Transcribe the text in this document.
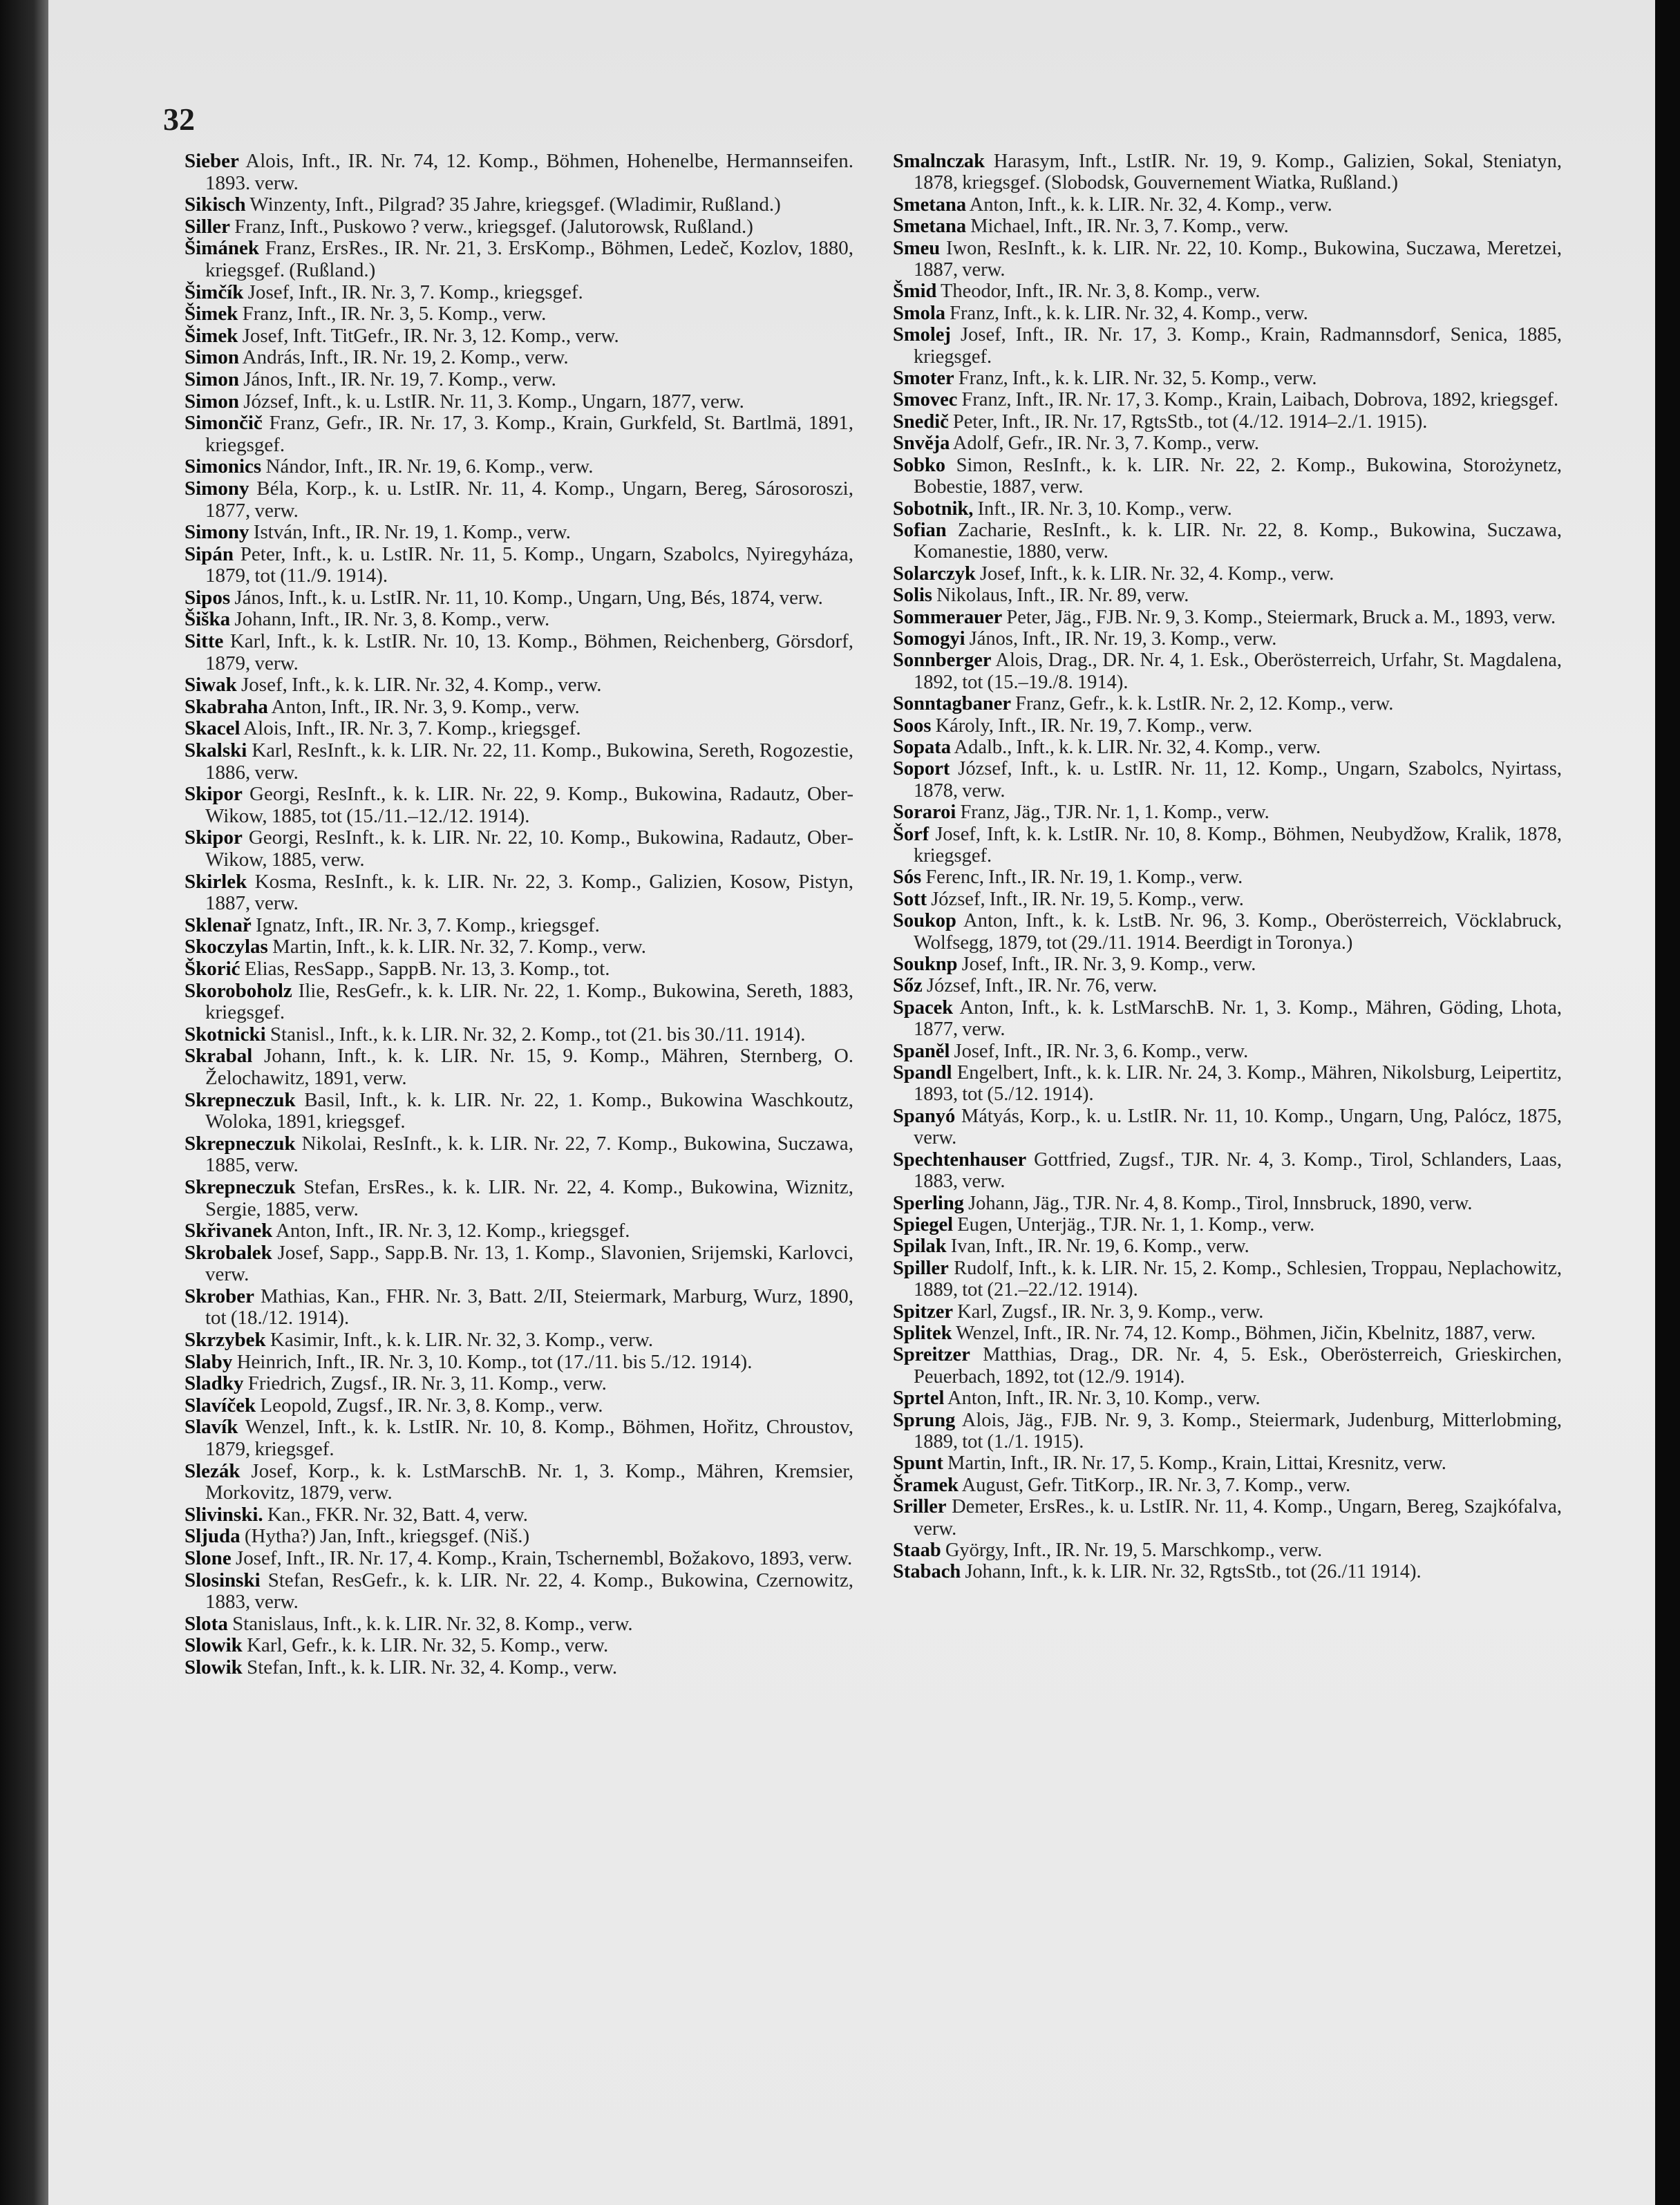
32

Sieber Alois, Inft., IR. Nr. 74, 12. Komp., Böhmen, Hohenelbe, Hermannseifen. 1893. verw.

Sikisch Winzenty, Inft., Pilgrad? 35 Jahre, kriegsgef. (Wladimir, Rußland.)

Siller Franz, Inft., Puskowo ? verw., kriegsgef. (Jalutorowsk, Rußland.)

Šimánek Franz, ErsRes., IR. Nr. 21, 3. ErsKomp., Böhmen, Ledeč, Kozlov, 1880, kriegsgef. (Rußland.)

Šimčík Josef, Inft., IR. Nr. 3, 7. Komp., kriegsgef.

Šimek Franz, Inft., IR. Nr. 3, 5. Komp., verw.

Šimek Josef, Inft. TitGefr., IR. Nr. 3, 12. Komp., verw.

Simon András, Inft., IR. Nr. 19, 2. Komp., verw.

Simon János, Inft., IR. Nr. 19, 7. Komp., verw.

Simon József, Inft., k. u. LstIR. Nr. 11, 3. Komp., Ungarn, 1877, verw.

Simončič Franz, Gefr., IR. Nr. 17, 3. Komp., Krain, Gurkfeld, St. Bartlmä, 1891, kriegsgef.

Simonics Nándor, Inft., IR. Nr. 19, 6. Komp., verw.

Simony Béla, Korp., k. u. LstIR. Nr. 11, 4. Komp., Ungarn, Bereg, Sárosoroszi, 1877, verw.

Simony István, Inft., IR. Nr. 19, 1. Komp., verw.

Sipán Peter, Inft., k. u. LstIR. Nr. 11, 5. Komp., Ungarn, Szabolcs, Nyiregyháza, 1879, tot (11./9. 1914).

Sipos János, Inft., k. u. LstIR. Nr. 11, 10. Komp., Ungarn, Ung, Bés, 1874, verw.

Šiška Johann, Inft., IR. Nr. 3, 8. Komp., verw.

Sitte Karl, Inft., k. k. LstIR. Nr. 10, 13. Komp., Böhmen, Reichenberg, Görsdorf, 1879, verw.

Siwak Josef, Inft., k. k. LIR. Nr. 32, 4. Komp., verw.

Skabraha Anton, Inft., IR. Nr. 3, 9. Komp., verw.

Skacel Alois, Inft., IR. Nr. 3, 7. Komp., kriegsgef.

Skalski Karl, ResInft., k. k. LIR. Nr. 22, 11. Komp., Bukowina, Sereth, Rogozestie, 1886, verw.

Skipor Georgi, ResInft., k. k. LIR. Nr. 22, 9. Komp., Bukowina, Radautz, Ober-Wikow, 1885, tot (15./11.–12./12. 1914).

Skipor Georgi, ResInft., k. k. LIR. Nr. 22, 10. Komp., Bukowina, Radautz, Ober-Wikow, 1885, verw.

Skirlek Kosma, ResInft., k. k. LIR. Nr. 22, 3. Komp., Galizien, Kosow, Pistyn, 1887, verw.

Sklenař Ignatz, Inft., IR. Nr. 3, 7. Komp., kriegsgef.

Skoczylas Martin, Inft., k. k. LIR. Nr. 32, 7. Komp., verw.

Škorić Elias, ResSapp., SappB. Nr. 13, 3. Komp., tot.

Skoroboholz Ilie, ResGefr., k. k. LIR. Nr. 22, 1. Komp., Bukowina, Sereth, 1883, kriegsgef.

Skotnicki Stanisl., Inft., k. k. LIR. Nr. 32, 2. Komp., tot (21. bis 30./11. 1914).

Skrabal Johann, Inft., k. k. LIR. Nr. 15, 9. Komp., Mähren, Sternberg, O. Želochawitz, 1891, verw.

Skrepneczuk Basil, Inft., k. k. LIR. Nr. 22, 1. Komp., Bukowina Waschkoutz, Woloka, 1891, kriegsgef.

Skrepneczuk Nikolai, ResInft., k. k. LIR. Nr. 22, 7. Komp., Bukowina, Suczawa, 1885, verw.

Skrepneczuk Stefan, ErsRes., k. k. LIR. Nr. 22, 4. Komp., Bukowina, Wiznitz, Sergie, 1885, verw.

Skřivanek Anton, Inft., IR. Nr. 3, 12. Komp., kriegsgef.

Skrobalek Josef, Sapp., Sapp.B. Nr. 13, 1. Komp., Slavonien, Srijemski, Karlovci, verw.

Skrober Mathias, Kan., FHR. Nr. 3, Batt. 2/II, Steiermark, Marburg, Wurz, 1890, tot (18./12. 1914).

Skrzybek Kasimir, Inft., k. k. LIR. Nr. 32, 3. Komp., verw.

Slaby Heinrich, Inft., IR. Nr. 3, 10. Komp., tot (17./11. bis 5./12. 1914).

Sladky Friedrich, Zugsf., IR. Nr. 3, 11. Komp., verw.

Slavíček Leopold, Zugsf., IR. Nr. 3, 8. Komp., verw.

Slavík Wenzel, Inft., k. k. LstIR. Nr. 10, 8. Komp., Böhmen, Hořitz, Chroustov, 1879, kriegsgef.

Slezák Josef, Korp., k. k. LstMarschB. Nr. 1, 3. Komp., Mähren, Kremsier, Morkovitz, 1879, verw.

Slivinski. Kan., FKR. Nr. 32, Batt. 4, verw.

Sljuda (Hytha?) Jan, Inft., kriegsgef. (Niš.)

Slone Josef, Inft., IR. Nr. 17, 4. Komp., Krain, Tschernembl, Božakovo, 1893, verw.

Slosinski Stefan, ResGefr., k. k. LIR. Nr. 22, 4. Komp., Bukowina, Czernowitz, 1883, verw.

Slota Stanislaus, Inft., k. k. LIR. Nr. 32, 8. Komp., verw.

Slowik Karl, Gefr., k. k. LIR. Nr. 32, 5. Komp., verw.

Slowik Stefan, Inft., k. k. LIR. Nr. 32, 4. Komp., verw.

Smalnczak Harasym, Inft., LstIR. Nr. 19, 9. Komp., Galizien, Sokal, Steniatyn, 1878, kriegsgef. (Slobodsk, Gouvernement Wiatka, Rußland.)

Smetana Anton, Inft., k. k. LIR. Nr. 32, 4. Komp., verw.

Smetana Michael, Inft., IR. Nr. 3, 7. Komp., verw.

Smeu Iwon, ResInft., k. k. LIR. Nr. 22, 10. Komp., Bukowina, Suczawa, Meretzei, 1887, verw.

Šmid Theodor, Inft., IR. Nr. 3, 8. Komp., verw.

Smola Franz, Inft., k. k. LIR. Nr. 32, 4. Komp., verw.

Smolej Josef, Inft., IR. Nr. 17, 3. Komp., Krain, Radmannsdorf, Senica, 1885, kriegsgef.

Smoter Franz, Inft., k. k. LIR. Nr. 32, 5. Komp., verw.

Smovec Franz, Inft., IR. Nr. 17, 3. Komp., Krain, Laibach, Dobrova, 1892, kriegsgef.

Snedič Peter, Inft., IR. Nr. 17, RgtsStb., tot (4./12. 1914–2./1. 1915).

Snvěja Adolf, Gefr., IR. Nr. 3, 7. Komp., verw.

Sobko Simon, ResInft., k. k. LIR. Nr. 22, 2. Komp., Bukowina, Storożynetz, Bobestie, 1887, verw.

Sobotnik, Inft., IR. Nr. 3, 10. Komp., verw.

Sofian Zacharie, ResInft., k. k. LIR. Nr. 22, 8. Komp., Bukowina, Suczawa, Komanestie, 1880, verw.

Solarczyk Josef, Inft., k. k. LIR. Nr. 32, 4. Komp., verw.

Solis Nikolaus, Inft., IR. Nr. 89, verw.

Sommerauer Peter, Jäg., FJB. Nr. 9, 3. Komp., Steiermark, Bruck a. M., 1893, verw.

Somogyi János, Inft., IR. Nr. 19, 3. Komp., verw.

Sonnberger Alois, Drag., DR. Nr. 4, 1. Esk., Oberösterreich, Urfahr, St. Magdalena, 1892, tot (15.–19./8. 1914).

Sonntagbaner Franz, Gefr., k. k. LstIR. Nr. 2, 12. Komp., verw.

Soos Károly, Inft., IR. Nr. 19, 7. Komp., verw.

Sopata Adalb., Inft., k. k. LIR. Nr. 32, 4. Komp., verw.

Soport József, Inft., k. u. LstIR. Nr. 11, 12. Komp., Ungarn, Szabolcs, Nyirtass, 1878, verw.

Soraroi Franz, Jäg., TJR. Nr. 1, 1. Komp., verw.

Šorf Josef, Inft, k. k. LstIR. Nr. 10, 8. Komp., Böhmen, Neubydžow, Kralik, 1878, kriegsgef.

Sós Ferenc, Inft., IR. Nr. 19, 1. Komp., verw.

Sott József, Inft., IR. Nr. 19, 5. Komp., verw.

Soukop Anton, Inft., k. k. LstB. Nr. 96, 3. Komp., Oberösterreich, Vöcklabruck, Wolfsegg, 1879, tot (29./11. 1914. Beerdigt in Toronya.)

Souknp Josef, Inft., IR. Nr. 3, 9. Komp., verw.

Sőz József, Inft., IR. Nr. 76, verw.

Spacek Anton, Inft., k. k. LstMarschB. Nr. 1, 3. Komp., Mähren, Göding, Lhota, 1877, verw.

Spaněl Josef, Inft., IR. Nr. 3, 6. Komp., verw.

Spandl Engelbert, Inft., k. k. LIR. Nr. 24, 3. Komp., Mähren, Nikolsburg, Leipertitz, 1893, tot (5./12. 1914).

Spanyó Mátyás, Korp., k. u. LstIR. Nr. 11, 10. Komp., Ungarn, Ung, Palócz, 1875, verw.

Spechtenhauser Gottfried, Zugsf., TJR. Nr. 4, 3. Komp., Tirol, Schlanders, Laas, 1883, verw.

Sperling Johann, Jäg., TJR. Nr. 4, 8. Komp., Tirol, Innsbruck, 1890, verw.

Spiegel Eugen, Unterjäg., TJR. Nr. 1, 1. Komp., verw.

Spilak Ivan, Inft., IR. Nr. 19, 6. Komp., verw.

Spiller Rudolf, Inft., k. k. LIR. Nr. 15, 2. Komp., Schlesien, Troppau, Neplachowitz, 1889, tot (21.–22./12. 1914).

Spitzer Karl, Zugsf., IR. Nr. 3, 9. Komp., verw.

Splitek Wenzel, Inft., IR. Nr. 74, 12. Komp., Böhmen, Jičin, Kbelnitz, 1887, verw.

Spreitzer Matthias, Drag., DR. Nr. 4, 5. Esk., Oberösterreich, Grieskirchen, Peuerbach, 1892, tot (12./9. 1914).

Sprtel Anton, Inft., IR. Nr. 3, 10. Komp., verw.

Sprung Alois, Jäg., FJB. Nr. 9, 3. Komp., Steiermark, Judenburg, Mitterlobming, 1889, tot (1./1. 1915).

Spunt Martin, Inft., IR. Nr. 17, 5. Komp., Krain, Littai, Kresnitz, verw.

Šramek August, Gefr. TitKorp., IR. Nr. 3, 7. Komp., verw.

Sriller Demeter, ErsRes., k. u. LstIR. Nr. 11, 4. Komp., Ungarn, Bereg, Szajkófalva, verw.

Staab György, Inft., IR. Nr. 19, 5. Marschkomp., verw.

Stabach Johann, Inft., k. k. LIR. Nr. 32, RgtsStb., tot (26./11 1914).
